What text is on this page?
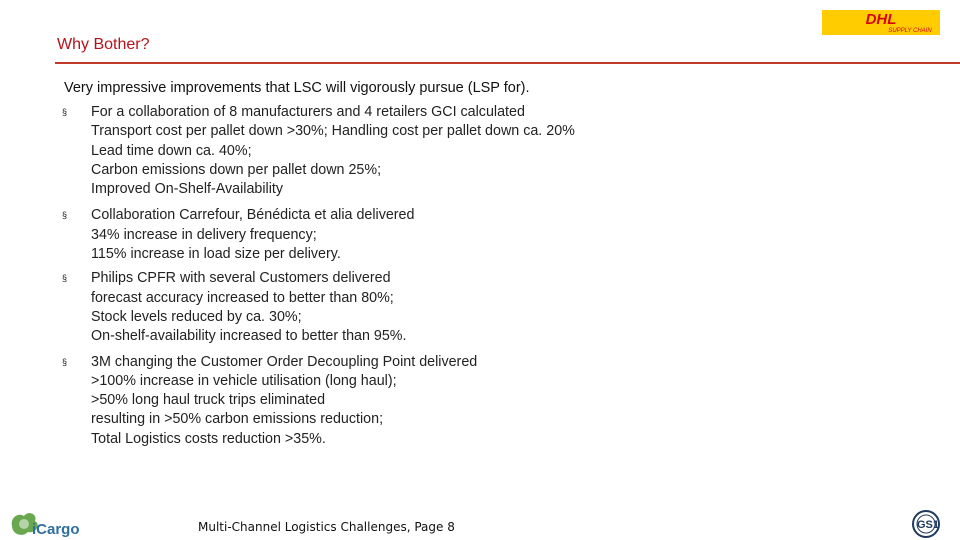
DHL
SUPPLY CHAIN
Why Bother?
Very impressive improvements that LSC will vigorously pursue (LSP for).
§ For a collaboration of 8 manufacturers and 4 retailers GCI calculated
Transport cost per pallet down >30%; Handling cost per pallet down ca. 20%
Lead time down ca. 40%;
Carbon emissions down per pallet down 25%;
Improved On-Shelf-Availability
§ Collaboration Carrefour, Bénédicta et alia delivered
34% increase in delivery frequency;
115% increase in load size per delivery.
§ Philips CPFR with several Customers delivered
forecast accuracy increased to better than 80%;
Stock levels reduced by ca. 30%;
On-shelf-availability increased to better than 95%.
§ 3M changing the Customer Order Decoupling Point delivered
>100% increase in vehicle utilisation (long haul);
>50% long haul truck trips eliminated
resulting in >50% carbon emissions reduction;
Total Logistics costs reduction >35%.
iCargo	Multi-Channel Logistics Challenges, Page 8	GS1
